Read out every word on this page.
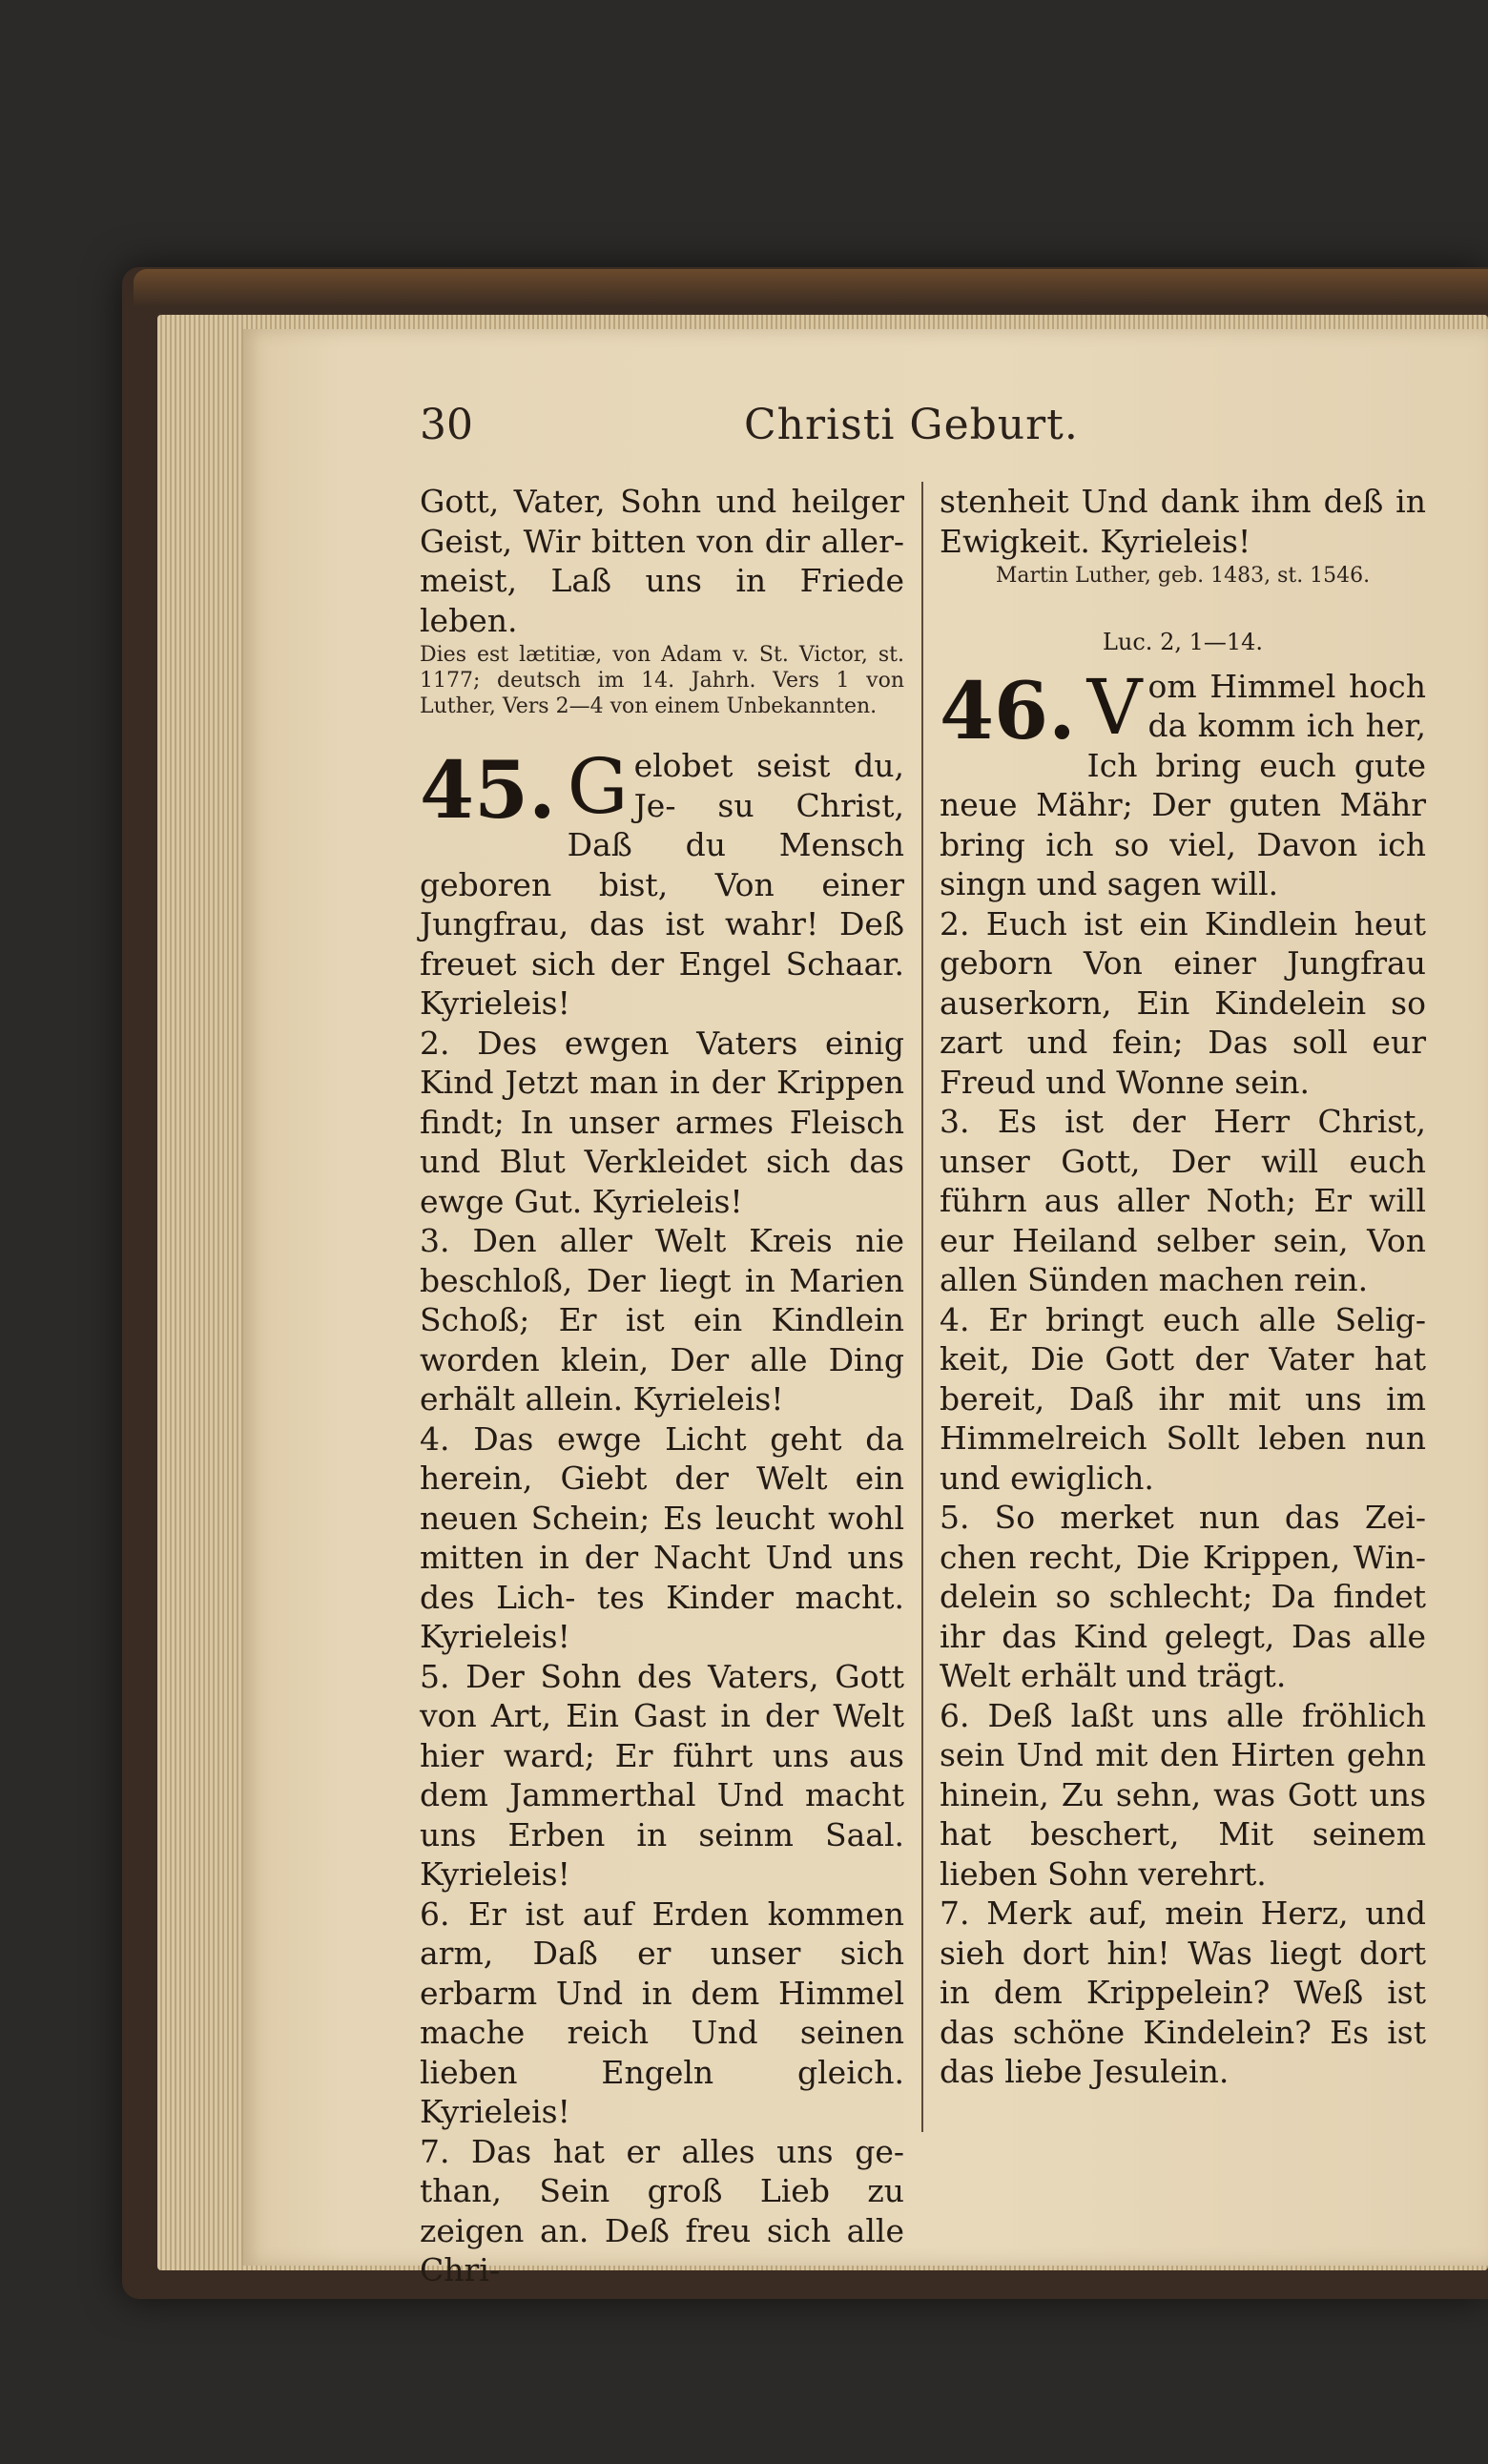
30	Christi Geburt.

Gott, Vater, Sohn und heilger Geist, Wir bitten von dir aller- meist, Laß uns in Friede leben.

Dies est lætitiæ, von Adam v. St. Victor, st. 1177; deutsch im 14. Jahrh. Vers 1 von Luther, Vers 2—4 von einem Unbekannten.

45. G elobet seist du, Je- su Christ, Daß du Mensch geboren bist, Von einer Jungfrau, das ist wahr! Deß freuet sich der Engel Schaar. Kyrieleis!

2. Des ewgen Vaters einig Kind Jetzt man in der Krippen findt; In unser armes Fleisch und Blut Verkleidet sich das ewge Gut. Kyrieleis!

3. Den aller Welt Kreis nie beschloß, Der liegt in Marien Schoß; Er ist ein Kindlein worden klein, Der alle Ding erhält allein. Kyrieleis!

4. Das ewge Licht geht da herein, Giebt der Welt ein neuen Schein; Es leucht wohl mitten in der Nacht Und uns des Lich- tes Kinder macht. Kyrieleis!

5. Der Sohn des Vaters, Gott von Art, Ein Gast in der Welt hier ward; Er führt uns aus dem Jammerthal Und macht uns Erben in seinm Saal. Kyrieleis!

6. Er ist auf Erden kommen arm, Daß er unser sich erbarm Und in dem Himmel mache reich Und seinen lieben Engeln gleich. Kyrieleis!

7. Das hat er alles uns ge- than, Sein groß Lieb zu zeigen an. Deß freu sich alle Chri-

stenheit Und dank ihm deß in Ewigkeit. Kyrieleis!

Martin Luther, geb. 1483, st. 1546.

Luc. 2, 1—14.

46. V om Himmel hoch da komm ich her, Ich bring euch gute neue Mähr; Der guten Mähr bring ich so viel, Davon ich singn und sagen will.

2. Euch ist ein Kindlein heut geborn Von einer Jungfrau auserkorn, Ein Kindelein so zart und fein; Das soll eur Freud und Wonne sein.

3. Es ist der Herr Christ, unser Gott, Der will euch führn aus aller Noth; Er will eur Heiland selber sein, Von allen Sünden machen rein.

4. Er bringt euch alle Selig- keit, Die Gott der Vater hat bereit, Daß ihr mit uns im Himmelreich Sollt leben nun und ewiglich.

5. So merket nun das Zei- chen recht, Die Krippen, Win- delein so schlecht; Da findet ihr das Kind gelegt, Das alle Welt erhält und trägt.

6. Deß laßt uns alle fröhlich sein Und mit den Hirten gehn hinein, Zu sehn, was Gott uns hat beschert, Mit seinem lieben Sohn verehrt.

7. Merk auf, mein Herz, und sieh dort hin! Was liegt dort in dem Krippelein? Weß ist das schöne Kindelein? Es ist das liebe Jesulein.
